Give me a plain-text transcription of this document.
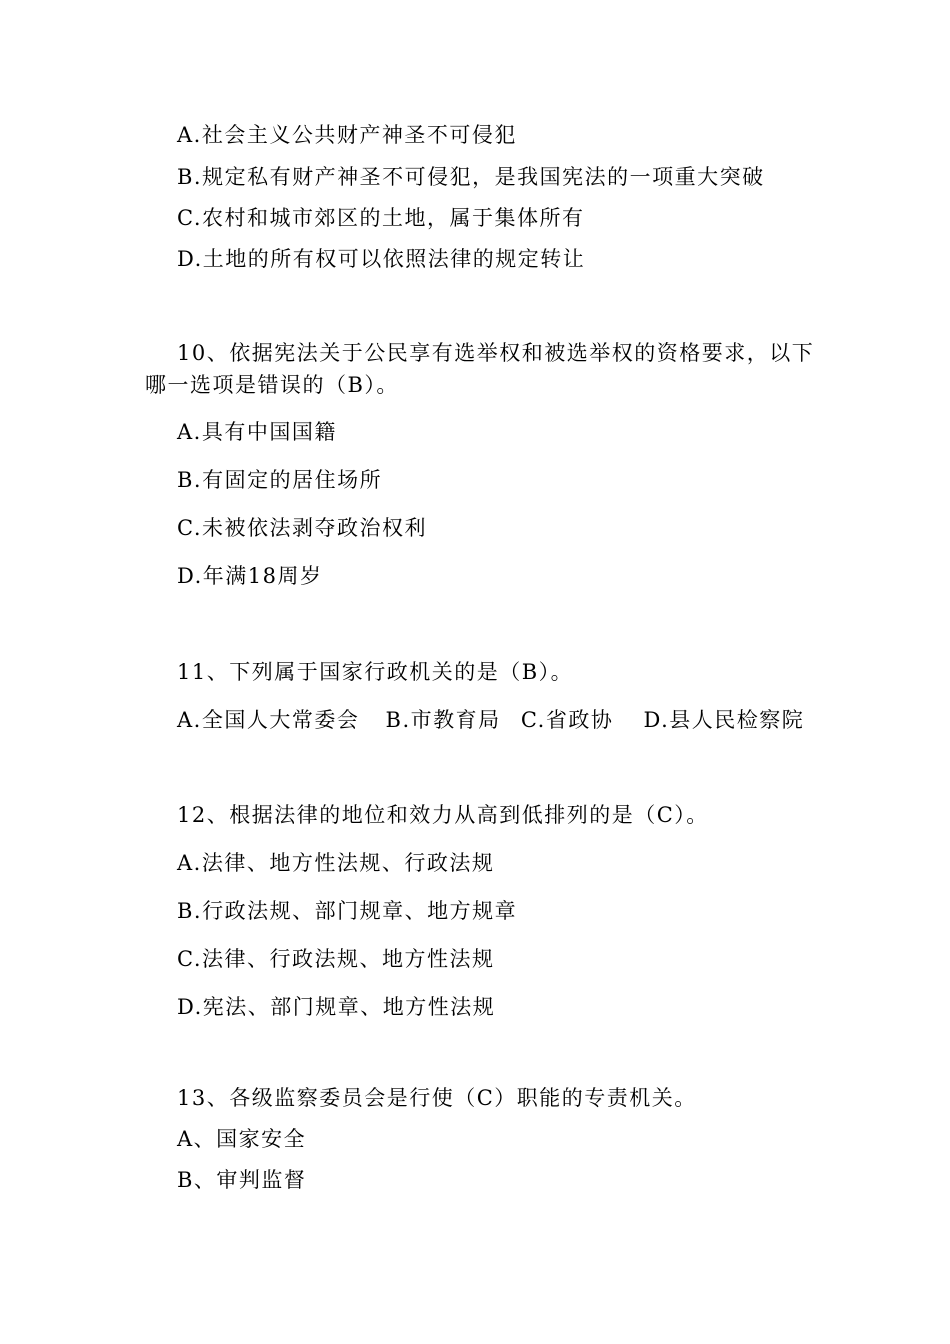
A.社会主义公共财产神圣不可侵犯
B.规定私有财产神圣不可侵犯，是我国宪法的一项重大突破
C.农村和城市郊区的土地，属于集体所有
D.土地的所有权可以依照法律的规定转让
10、依据宪法关于公民享有选举权和被选举权的资格要求，以下
哪一选项是错误的（B）。
A.具有中国国籍
B.有固定的居住场所
C.未被依法剥夺政治权利
D.年满18周岁
11、下列属于国家行政机关的是（B）。
A.全国人大常委会 B.市教育局 C.省政协 D.县人民检察院
12、根据法律的地位和效力从高到低排列的是（C）。
A.法律、地方性法规、行政法规
B.行政法规、部门规章、地方规章
C.法律、行政法规、地方性法规
D.宪法、部门规章、地方性法规
13、各级监察委员会是行使（C）职能的专责机关。
A、国家安全
B、审判监督
